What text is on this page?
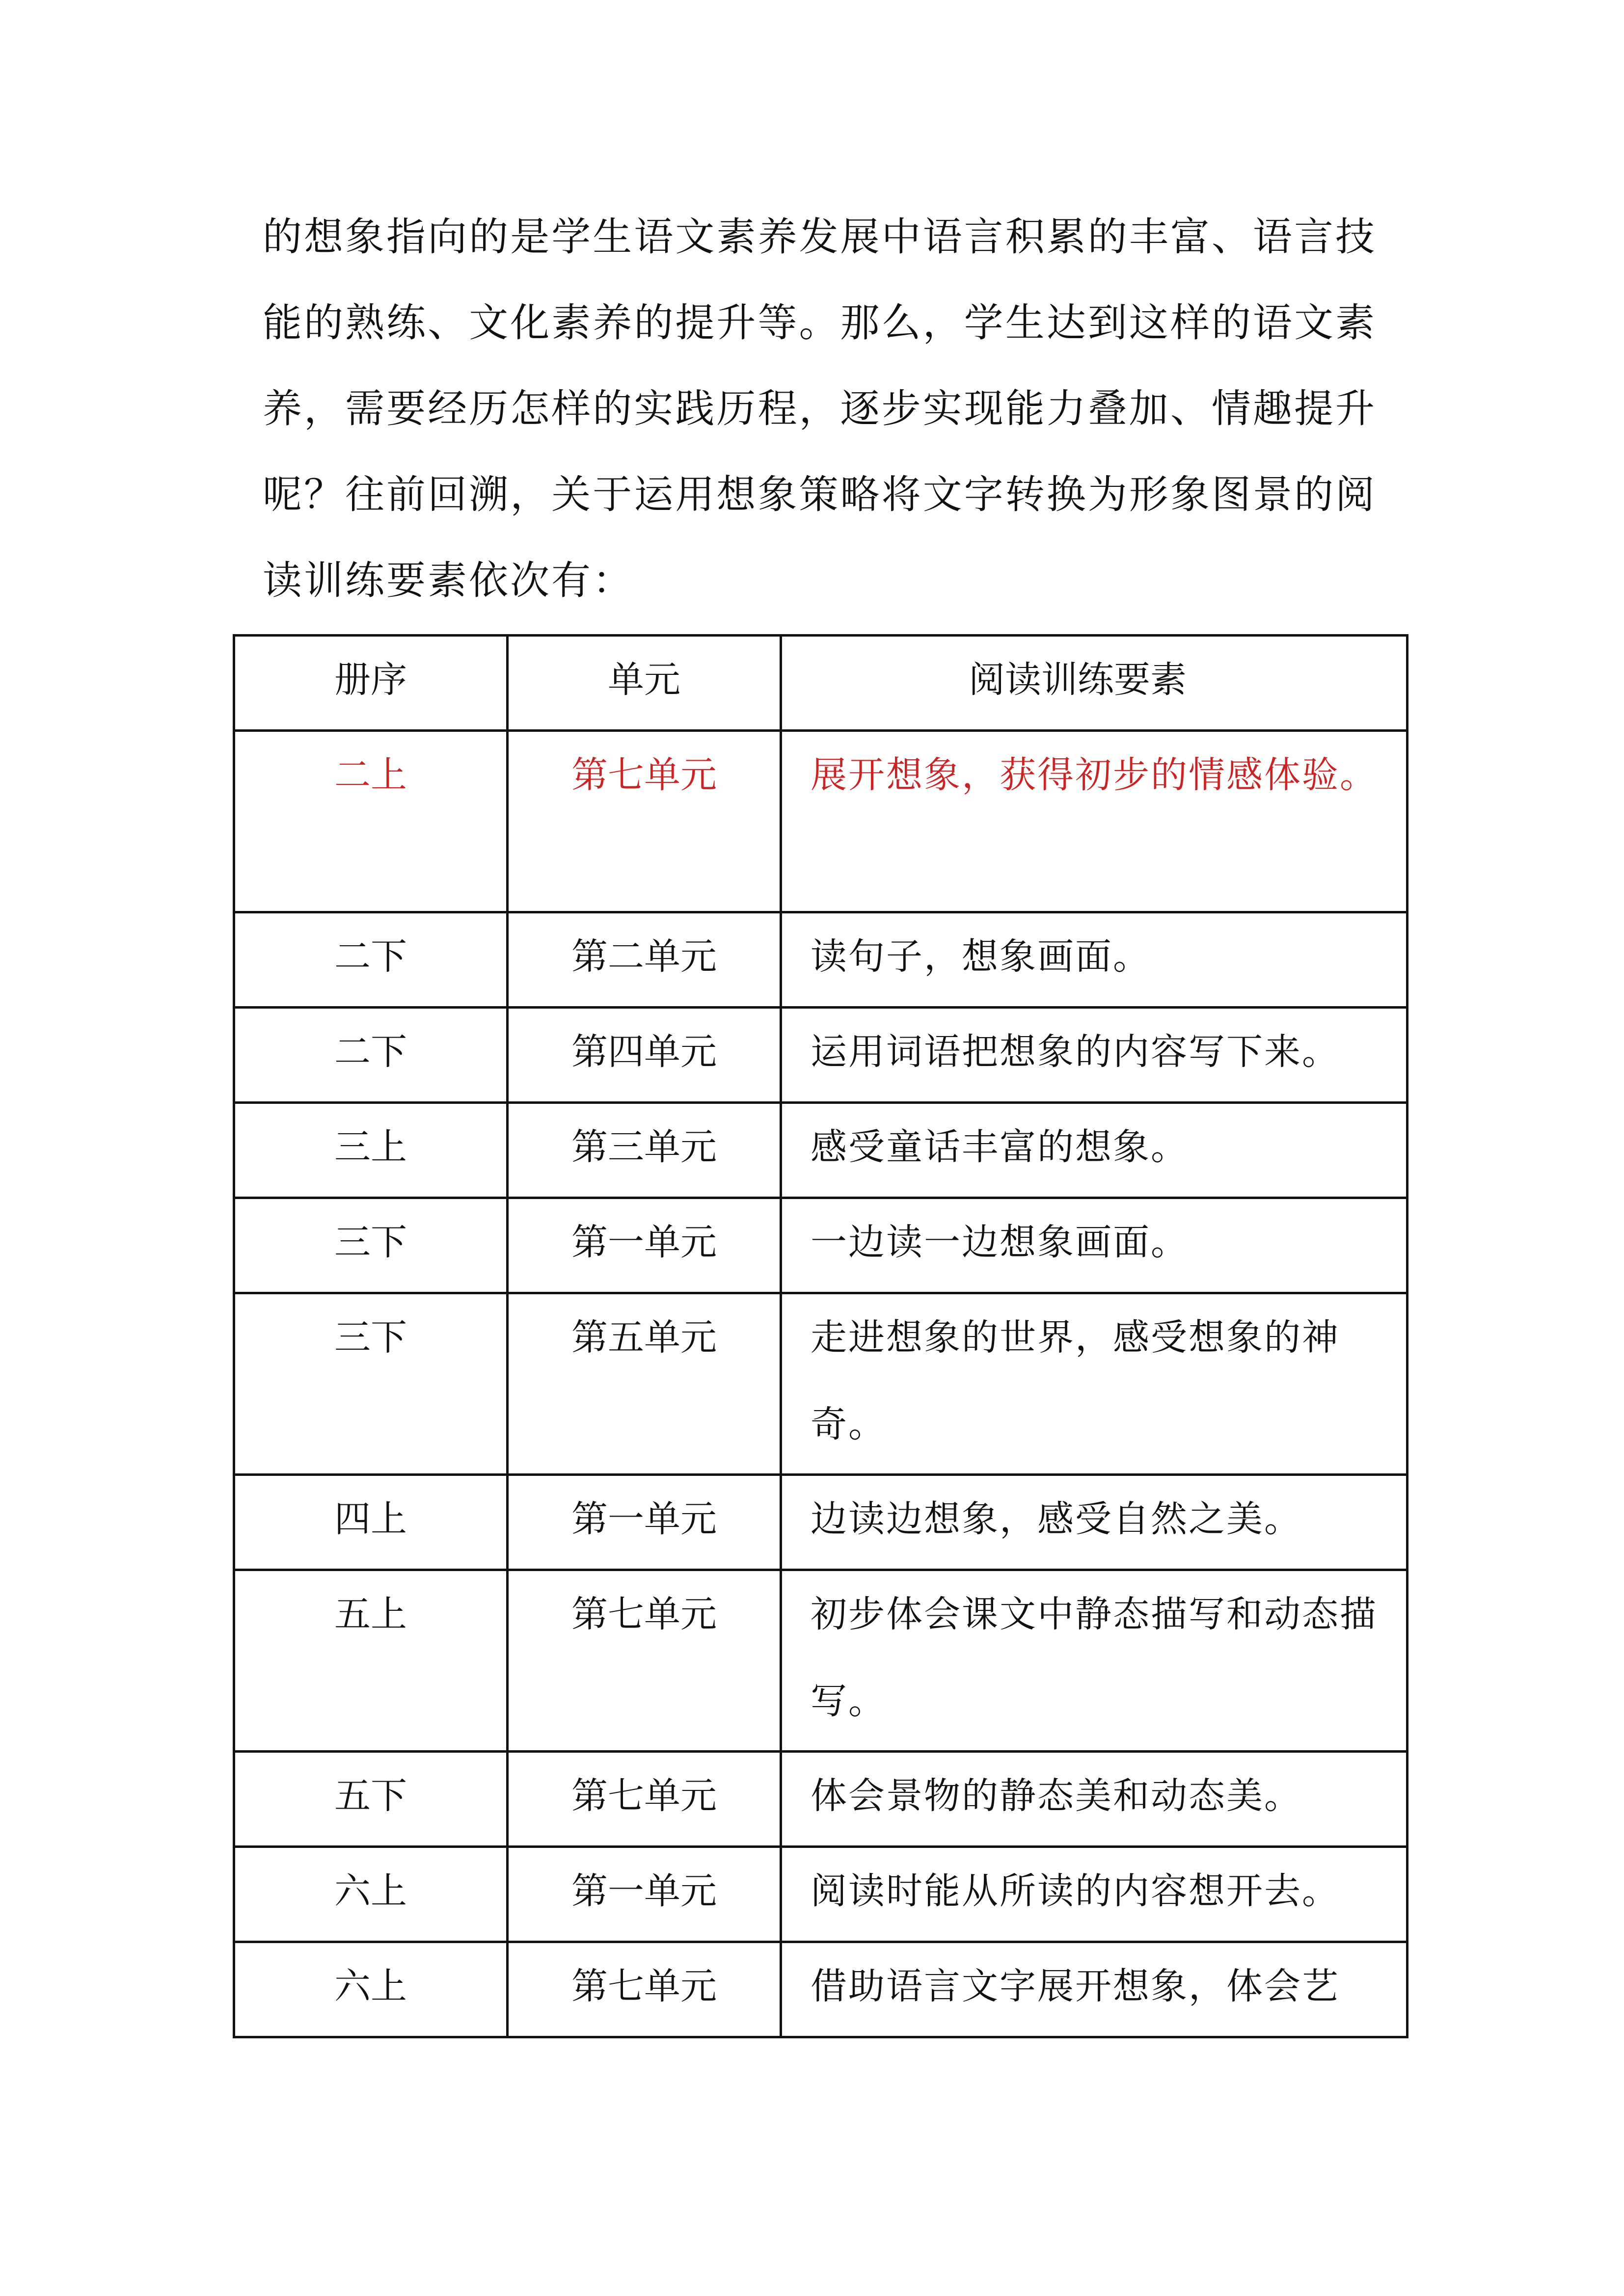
的想象指向的是学生语文素养发展中语言积累的丰富、语言技
能的熟练、文化素养的提升等。那么，学生达到这样的语文素
养，需要经历怎样的实践历程，逐步实现能力叠加、情趣提升
呢？往前回溯，关于运用想象策略将文字转换为形象图景的阅
读训练要素依次有：
册序	单元	阅读训练要素
二上	第七单元	展开想象，获得初步的情感体验。
二下	第二单元	读句子，想象画面。
二下	第四单元	运用词语把想象的内容写下来。
三上	第三单元	感受童话丰富的想象。
三下	第一单元	一边读一边想象画面。
三下	第五单元	走进想象的世界，感受想象的神奇。
四上	第一单元	边读边想象，感受自然之美。
五上	第七单元	初步体会课文中静态描写和动态描写。
五下	第七单元	体会景物的静态美和动态美。
六上	第一单元	阅读时能从所读的内容想开去。
六上	第七单元	借助语言文字展开想象，体会艺
